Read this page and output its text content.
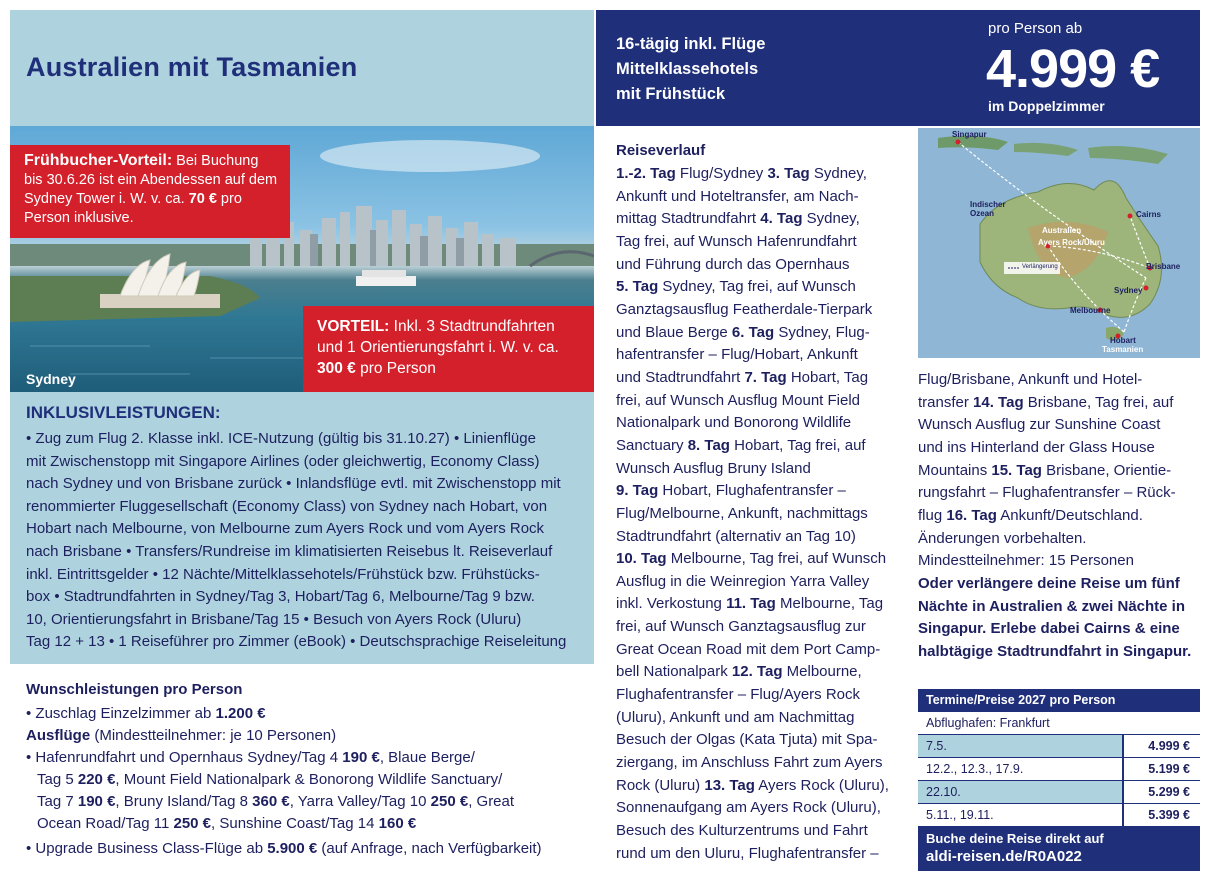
Australien mit Tasmanien
Sydney
Frühbucher-Vorteil: Bei Buchung
bis 30.6.26 ist ein Abendessen auf dem
Sydney Tower i. W. v. ca. 70 € pro
Person inklusive.
VORTEIL: Inkl. 3 Stadtrundfahrten
und 1 Orientierungsfahrt i. W. v. ca.
300 € pro Person
INKLUSIVLEISTUNGEN:
• Zug zum Flug 2. Klasse inkl. ICE-Nutzung (gültig bis 31.10.27) • Linienflüge
mit Zwischenstopp mit Singapore Airlines (oder gleichwertig, Economy Class)
nach Sydney und von Brisbane zurück • Inlandsflüge evtl. mit Zwischenstopp mit
renommierter Fluggesellschaft (Economy Class) von Sydney nach Hobart, von
Hobart nach Melbourne, von Melbourne zum Ayers Rock und vom Ayers Rock
nach Brisbane • Transfers/Rundreise im klimatisierten Reisebus lt. Reiseverlauf
inkl. Eintrittsgelder • 12 Nächte/Mittelklassehotels/Frühstück bzw. Frühstücks-
box • Stadtrundfahrten in Sydney/Tag 3, Hobart/Tag 6, Melbourne/Tag 9 bzw.
10, Orientierungsfahrt in Brisbane/Tag 15 • Besuch von Ayers Rock (Uluru)
Tag 12 + 13 • 1 Reiseführer pro Zimmer (eBook) • Deutschsprachige Reiseleitung
Wunschleistungen pro Person
• Zuschlag Einzelzimmer ab 1.200 €
Ausflüge (Mindestteilnehmer: je 10 Personen)
• Hafenrundfahrt und Opernhaus Sydney/Tag 4 190 €, Blaue Berge/
Tag 5 220 €, Mount Field Nationalpark & Bonorong Wildlife Sanctuary/
Tag 7 190 €, Bruny Island/Tag 8 360 €, Yarra Valley/Tag 10 250 €, Great
Ocean Road/Tag 11 250 €, Sunshine Coast/Tag 14 160 €
• Upgrade Business Class-Flüge ab 5.900 € (auf Anfrage, nach Verfügbarkeit)
16-tägig inkl. Flüge
Mittelklassehotels
mit Frühstück
pro Person ab
4.999 €
im Doppelzimmer
Reiseverlauf
1.-2. Tag Flug/Sydney 3. Tag Sydney,
Ankunft und Hoteltransfer, am Nach-
mittag Stadtrundfahrt 4. Tag Sydney,
Tag frei, auf Wunsch Hafenrundfahrt
und Führung durch das Opernhaus
5. Tag Sydney, Tag frei, auf Wunsch
Ganztagsausflug Featherdale-Tierpark
und Blaue Berge 6. Tag Sydney, Flug-
hafentransfer – Flug/Hobart, Ankunft
und Stadtrundfahrt 7. Tag Hobart, Tag
frei, auf Wunsch Ausflug Mount Field
Nationalpark und Bonorong Wildlife
Sanctuary 8. Tag Hobart, Tag frei, auf
Wunsch Ausflug Bruny Island
9. Tag Hobart, Flughafentransfer –
Flug/Melbourne, Ankunft, nachmittags
Stadtrundfahrt (alternativ an Tag 10)
10. Tag Melbourne, Tag frei, auf Wunsch
Ausflug in die Weinregion Yarra Valley
inkl. Verkostung 11. Tag Melbourne, Tag
frei, auf Wunsch Ganztagsausflug zur
Great Ocean Road mit dem Port Camp-
bell Nationalpark 12. Tag Melbourne,
Flughafentransfer – Flug/Ayers Rock
(Uluru), Ankunft und am Nachmittag
Besuch der Olgas (Kata Tjuta) mit Spa-
ziergang, im Anschluss Fahrt zum Ayers
Rock (Uluru) 13. Tag Ayers Rock (Uluru),
Sonnenaufgang am Ayers Rock (Uluru),
Besuch des Kulturzentrums und Fahrt
rund um den Uluru, Flughafentransfer –
Singapur
Indischer Ozean	Cairns
Australien
Ayers Rock/Uluru
Verlängerung	Brisbane
Sydney
Melbourne
Hobart
Tasmanien
Flug/Brisbane, Ankunft und Hotel-
transfer 14. Tag Brisbane, Tag frei, auf
Wunsch Ausflug zur Sunshine Coast
und ins Hinterland der Glass House
Mountains 15. Tag Brisbane, Orientie-
rungsfahrt – Flughafentransfer – Rück-
flug 16. Tag Ankunft/Deutschland.
Änderungen vorbehalten.
Mindestteilnehmer: 15 Personen
Oder verlängere deine Reise um fünf
Nächte in Australien & zwei Nächte in
Singapur. Erlebe dabei Cairns & eine
halbtägige Stadtrundfahrt in Singapur.
Termine/Preise 2027 pro Person
Abflughafen: Frankfurt
7.5.	4.999 €
12.2., 12.3., 17.9.	5.199 €
22.10.	5.299 €
5.11., 19.11.	5.399 €
Buche deine Reise direkt auf
aldi-reisen.de/R0A022
